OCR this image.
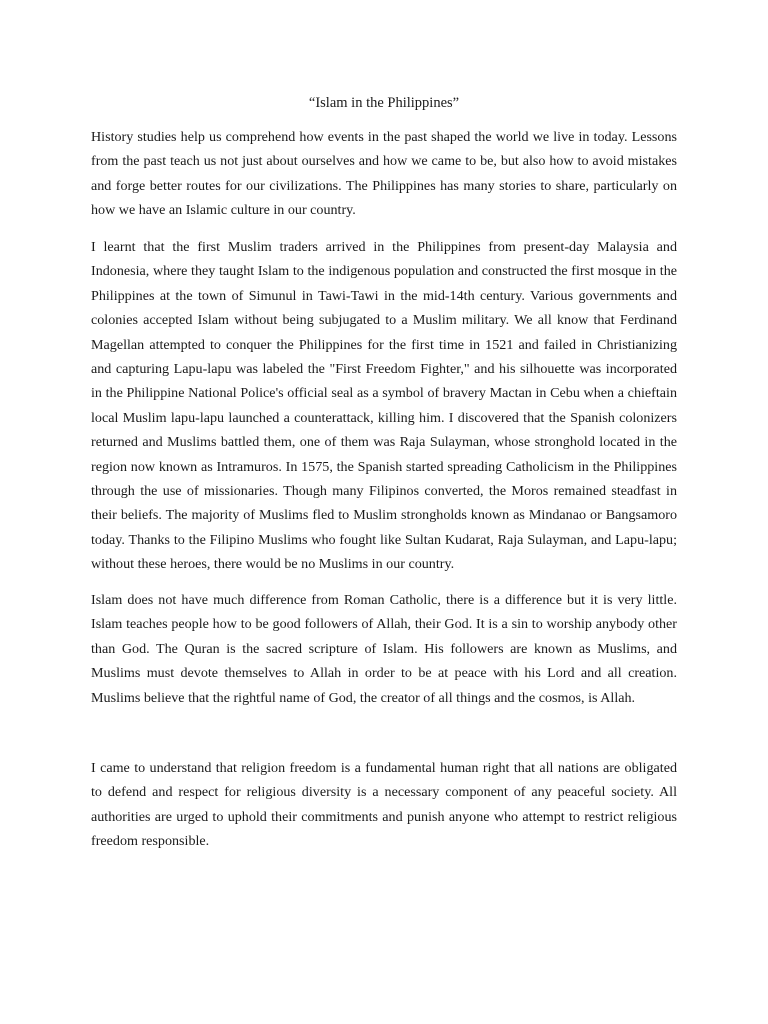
“Islam in the Philippines”

History studies help us comprehend how events in the past shaped the world we live in today. Lessons from the past teach us not just about ourselves and how we came to be, but also how to avoid mistakes and forge better routes for our civilizations. The Philippines has many stories to share, particularly on how we have an Islamic culture in our country.

I learnt that the first Muslim traders arrived in the Philippines from present-day Malaysia and Indonesia, where they taught Islam to the indigenous population and constructed the first mosque in the Philippines at the town of Simunul in Tawi-Tawi in the mid-14th century. Various governments and colonies accepted Islam without being subjugated to a Muslim military. We all know that Ferdinand Magellan attempted to conquer the Philippines for the first time in 1521 and failed in Christianizing and capturing Lapu-lapu was labeled the "First Freedom Fighter," and his silhouette was incorporated in the Philippine National Police's official seal as a symbol of bravery Mactan in Cebu when a chieftain local Muslim lapu-lapu launched a counterattack, killing him. I discovered that the Spanish colonizers returned and Muslims battled them, one of them was Raja Sulayman, whose stronghold located in the region now known as Intramuros. In 1575, the Spanish started spreading Catholicism in the Philippines through the use of missionaries. Though many Filipinos converted, the Moros remained steadfast in their beliefs. The majority of Muslims fled to Muslim strongholds known as Mindanao or Bangsamoro today. Thanks to the Filipino Muslims who fought like Sultan Kudarat, Raja Sulayman, and Lapu-lapu; without these heroes, there would be no Muslims in our country.

Islam does not have much difference from Roman Catholic, there is a difference but it is very little. Islam teaches people how to be good followers of Allah, their God. It is a sin to worship anybody other than God. The Quran is the sacred scripture of Islam. His followers are known as Muslims, and Muslims must devote themselves to Allah in order to be at peace with his Lord and all creation. Muslims believe that the rightful name of God, the creator of all things and the cosmos, is Allah.

I came to understand that religion freedom is a fundamental human right that all nations are obligated to defend and respect for religious diversity is a necessary component of any peaceful society. All authorities are urged to uphold their commitments and punish anyone who attempt to restrict religious freedom responsible.
